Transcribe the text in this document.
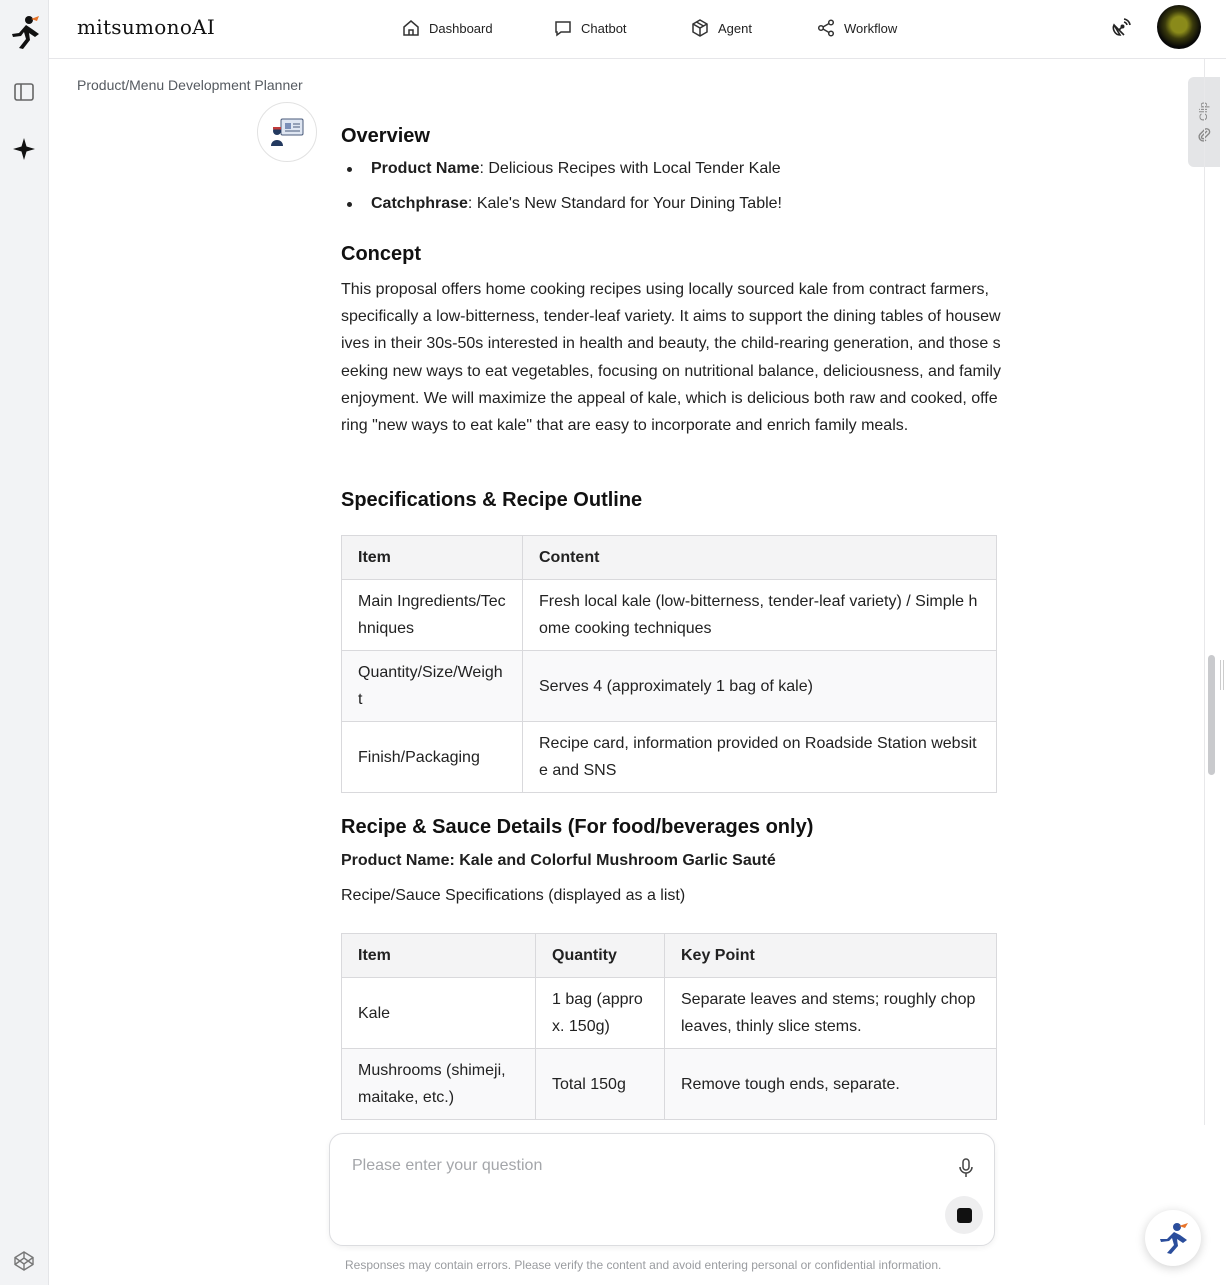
mitsumonoAI	Dashboard	Chatbot	Agent	Workflow
Product/Menu Development Planner
Clip
Overview
Product Name: Delicious Recipes with Local Tender Kale
Catchphrase: Kale's New Standard for Your Dining Table!
Concept

This proposal offers home cooking recipes using locally sourced kale from contract farmers, specifically a low-bitterness, tender-leaf variety. It aims to support the dining tables of housewives in their 30s-50s interested in health and beauty, the child-rearing generation, and those seeking new ways to eat vegetables, focusing on nutritional balance, deliciousness, and family enjoyment. We will maximize the appeal of kale, which is delicious both raw and cooked, offering "new ways to eat kale" that are easy to incorporate and enrich family meals.

Specifications & Recipe Outline
Item	Content
Main Ingredients/Techniques	Fresh local kale (low-bitterness, tender-leaf variety) / Simple home cooking techniques
Quantity/Size/Weight	Serves 4 (approximately 1 bag of kale)
Finish/Packaging	Recipe card, information provided on Roadside Station website and SNS
Recipe & Sauce Details (For food/beverages only)
Product Name: Kale and Colorful Mushroom Garlic Sauté
Recipe/Sauce Specifications (displayed as a list)
Item	Quantity	Key Point
Kale	1 bag (approx. 150g)	Separate leaves and stems; roughly chop leaves, thinly slice stems.
Mushrooms (shimeji, maitake, etc.)	Total 150g	Remove tough ends, separate.
Please enter your question
Responses may contain errors. Please verify the content and avoid entering personal or confidential information.
